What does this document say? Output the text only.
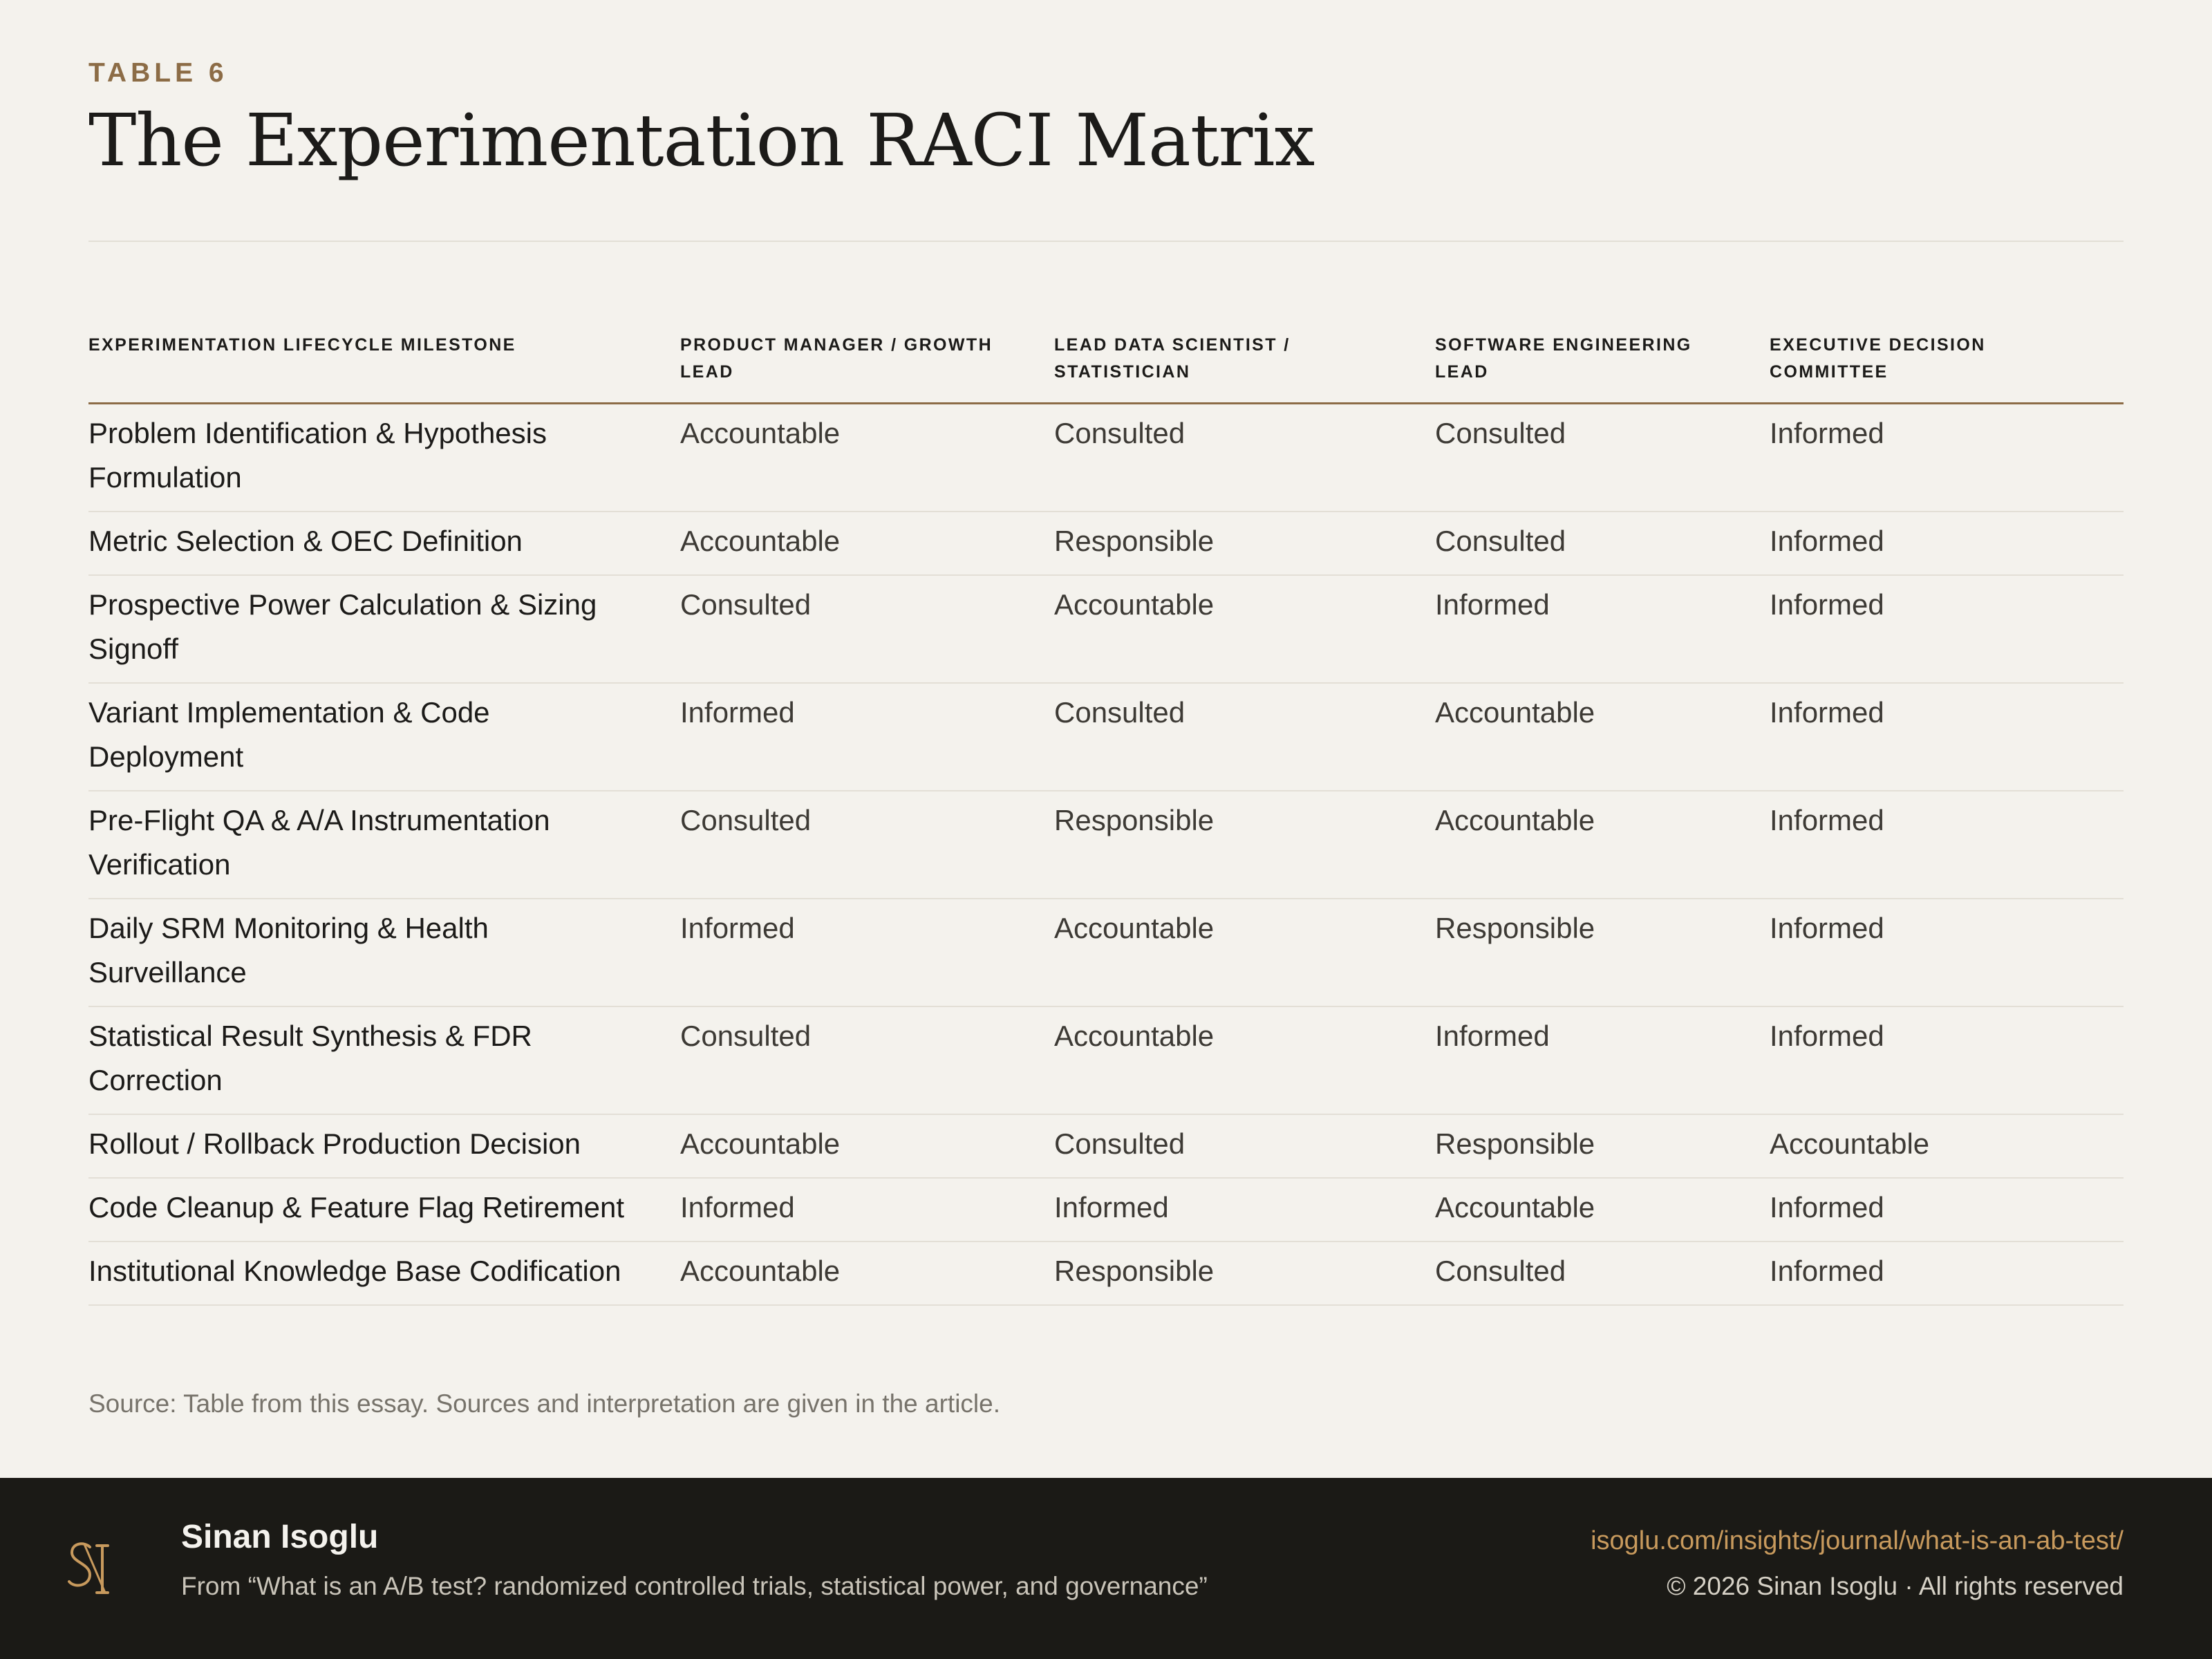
TABLE 6
The Experimentation RACI Matrix
EXPERIMENTATION LIFECYCLE MILESTONE	PRODUCT MANAGER / GROWTH LEAD	LEAD DATA SCIENTIST / STATISTICIAN	SOFTWARE ENGINEERING LEAD	EXECUTIVE DECISION COMMITTEE
Problem Identification & Hypothesis Formulation	Accountable	Consulted	Consulted	Informed
Metric Selection & OEC Definition	Accountable	Responsible	Consulted	Informed
Prospective Power Calculation & Sizing Signoff	Consulted	Accountable	Informed	Informed
Variant Implementation & Code Deployment	Informed	Consulted	Accountable	Informed
Pre-Flight QA & A/A Instrumentation Verification	Consulted	Responsible	Accountable	Informed
Daily SRM Monitoring & Health Surveillance	Informed	Accountable	Responsible	Informed
Statistical Result Synthesis & FDR Correction	Consulted	Accountable	Informed	Informed
Rollout / Rollback Production Decision	Accountable	Consulted	Responsible	Accountable
Code Cleanup & Feature Flag Retirement	Informed	Informed	Accountable	Informed
Institutional Knowledge Base Codification	Accountable	Responsible	Consulted	Informed
Source: Table from this essay. Sources and interpretation are given in the article.
Sinan Isoglu
From “What is an A/B test? randomized controlled trials, statistical power, and governance”
isoglu.com/insights/journal/what-is-an-ab-test/
© 2026 Sinan Isoglu · All rights reserved
